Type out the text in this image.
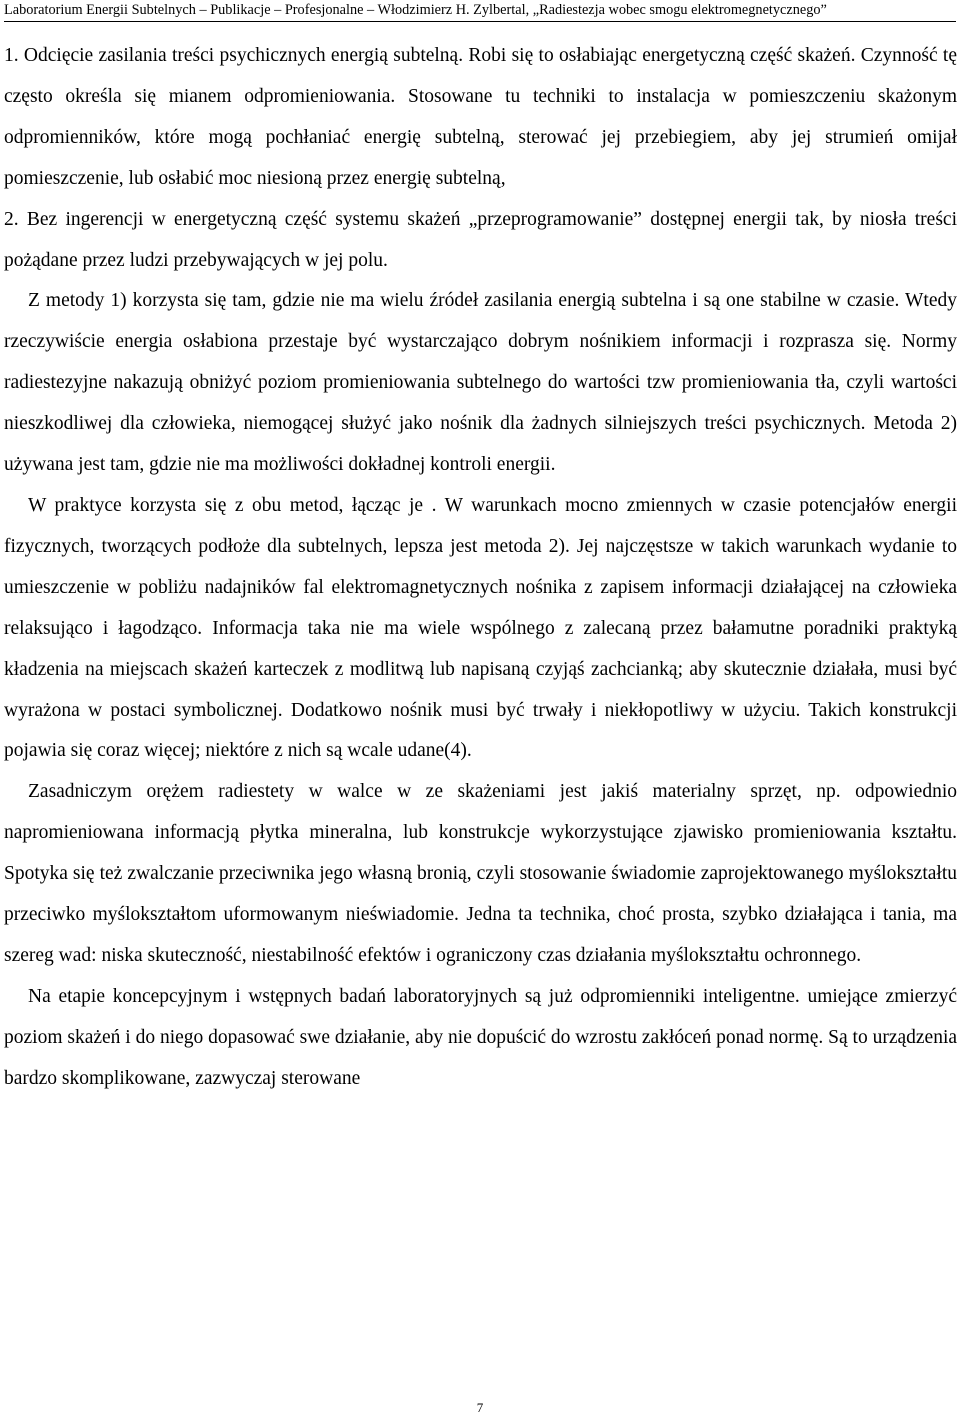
Laboratorium Energii Subtelnych – Publikacje – Profesjonalne – Włodzimierz H. Zylbertal, „Radiestezja wobec smogu elektromegnetycznego”

1. Odcięcie zasilania treści psychicznych energią subtelną. Robi się to osłabiając energetyczną część skażeń. Czynność tę często określa się mianem odpromieniowania. Stosowane tu techniki to instalacja w pomieszczeniu skażonym odpromienników, które mogą pochłaniać energię subtelną, sterować jej przebiegiem, aby jej strumień omijał pomieszczenie, lub osłabić moc niesioną przez energię subtelną,

2. Bez ingerencji w energetyczną część systemu skażeń „przeprogramowanie” dostępnej energii tak, by niosła treści pożądane przez ludzi przebywających w jej polu.

Z metody 1) korzysta się tam, gdzie nie ma wielu źródeł zasilania energią subtelna i są one stabilne w czasie. Wtedy rzeczywiście energia osłabiona przestaje być wystarczająco dobrym nośnikiem informacji i rozprasza się. Normy radiestezyjne nakazują obniżyć poziom promieniowania subtelnego do wartości tzw promieniowania tła, czyli wartości nieszkodliwej dla człowieka, niemogącej służyć jako nośnik dla żadnych silniejszych treści psychicznych. Metoda 2) używana jest tam, gdzie nie ma możliwości dokładnej kontroli energii.

W praktyce korzysta się z obu metod, łącząc je . W warunkach mocno zmiennych w czasie potencjałów energii fizycznych, tworzących podłoże dla subtelnych, lepsza jest metoda 2). Jej najczęstsze w takich warunkach wydanie to umieszczenie w pobliżu nadajników fal elektromagnetycznych nośnika z zapisem informacji działającej na człowieka relaksująco i łagodząco. Informacja taka nie ma wiele wspólnego z zalecaną przez bałamutne poradniki praktyką kładzenia na miejscach skażeń karteczek z modlitwą lub napisaną czyjąś zachcianką; aby skutecznie działała, musi być wyrażona w postaci symbolicznej. Dodatkowo nośnik musi być trwały i niekłopotliwy w użyciu. Takich konstrukcji pojawia się coraz więcej; niektóre z nich są wcale udane(4).

Zasadniczym orężem radiestety w walce w ze skażeniami jest jakiś materialny sprzęt, np. odpowiednio napromieniowana informacją płytka mineralna, lub konstrukcje wykorzystujące zjawisko promieniowania kształtu. Spotyka się też zwalczanie przeciwnika jego własną bronią, czyli stosowanie świadomie zaprojektowanego myślokształtu przeciwko myślokształtom uformowanym nieświadomie. Jedna ta technika, choć prosta, szybko działająca i tania, ma szereg wad: niska skuteczność, niestabilność efektów i ograniczony czas działania myślokształtu ochronnego.

Na etapie koncepcyjnym i wstępnych badań laboratoryjnych są już odpromienniki inteligentne. umiejące zmierzyć poziom skażeń i do niego dopasować swe działanie, aby nie dopuścić do wzrostu zakłóceń ponad normę. Są to urządzenia bardzo skomplikowane, zazwyczaj sterowane

7
